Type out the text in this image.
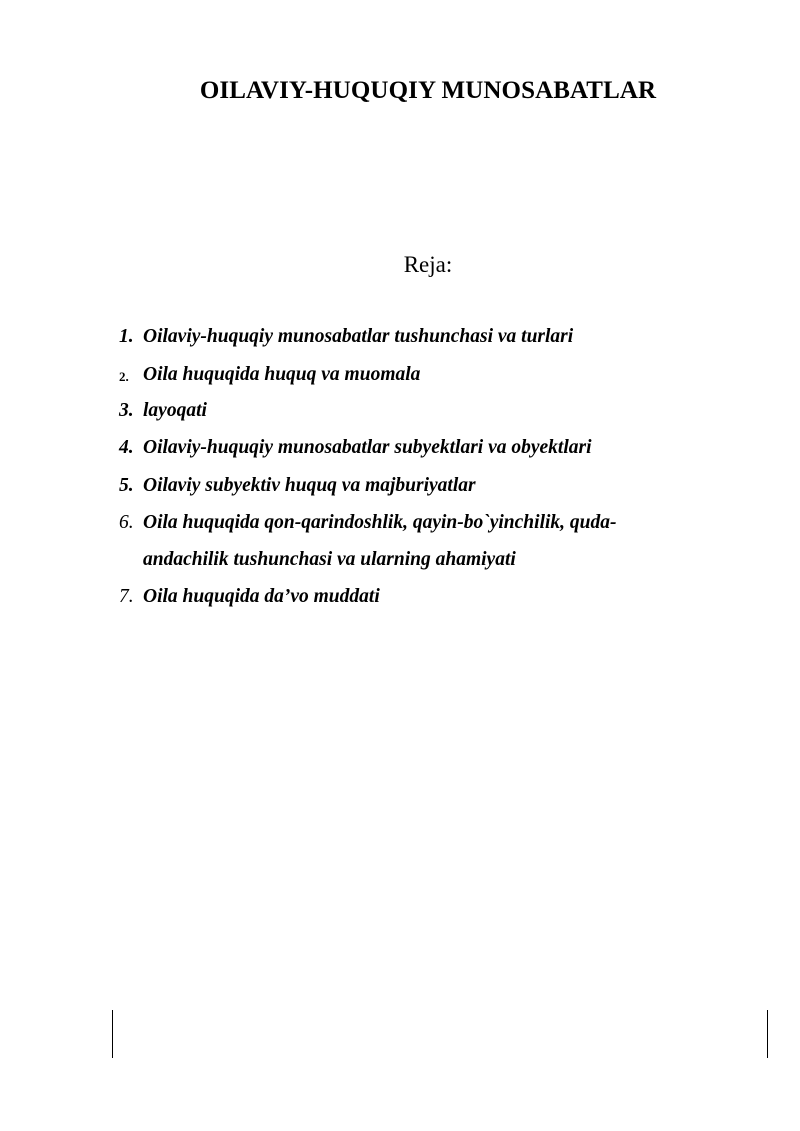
OILAVIY-HUQUQIY MUNOSABATLAR
Reja:
1. Oilaviy-huquqiy munosabatlar tushunchasi va turlari
2. Oila huquqida huquq va muomala
3. layoqati
4. Oilaviy-huquqiy munosabatlar subyektlari va obyektlari
5. Oilaviy subyektiv huquq va majburiyatlar
6. Oila huquqida qon-qarindoshlik, qayin-bo`yinchilik, quda-andachilik tushunchasi va ularning ahamiyati
7. Oila huquqida da’vo muddati
